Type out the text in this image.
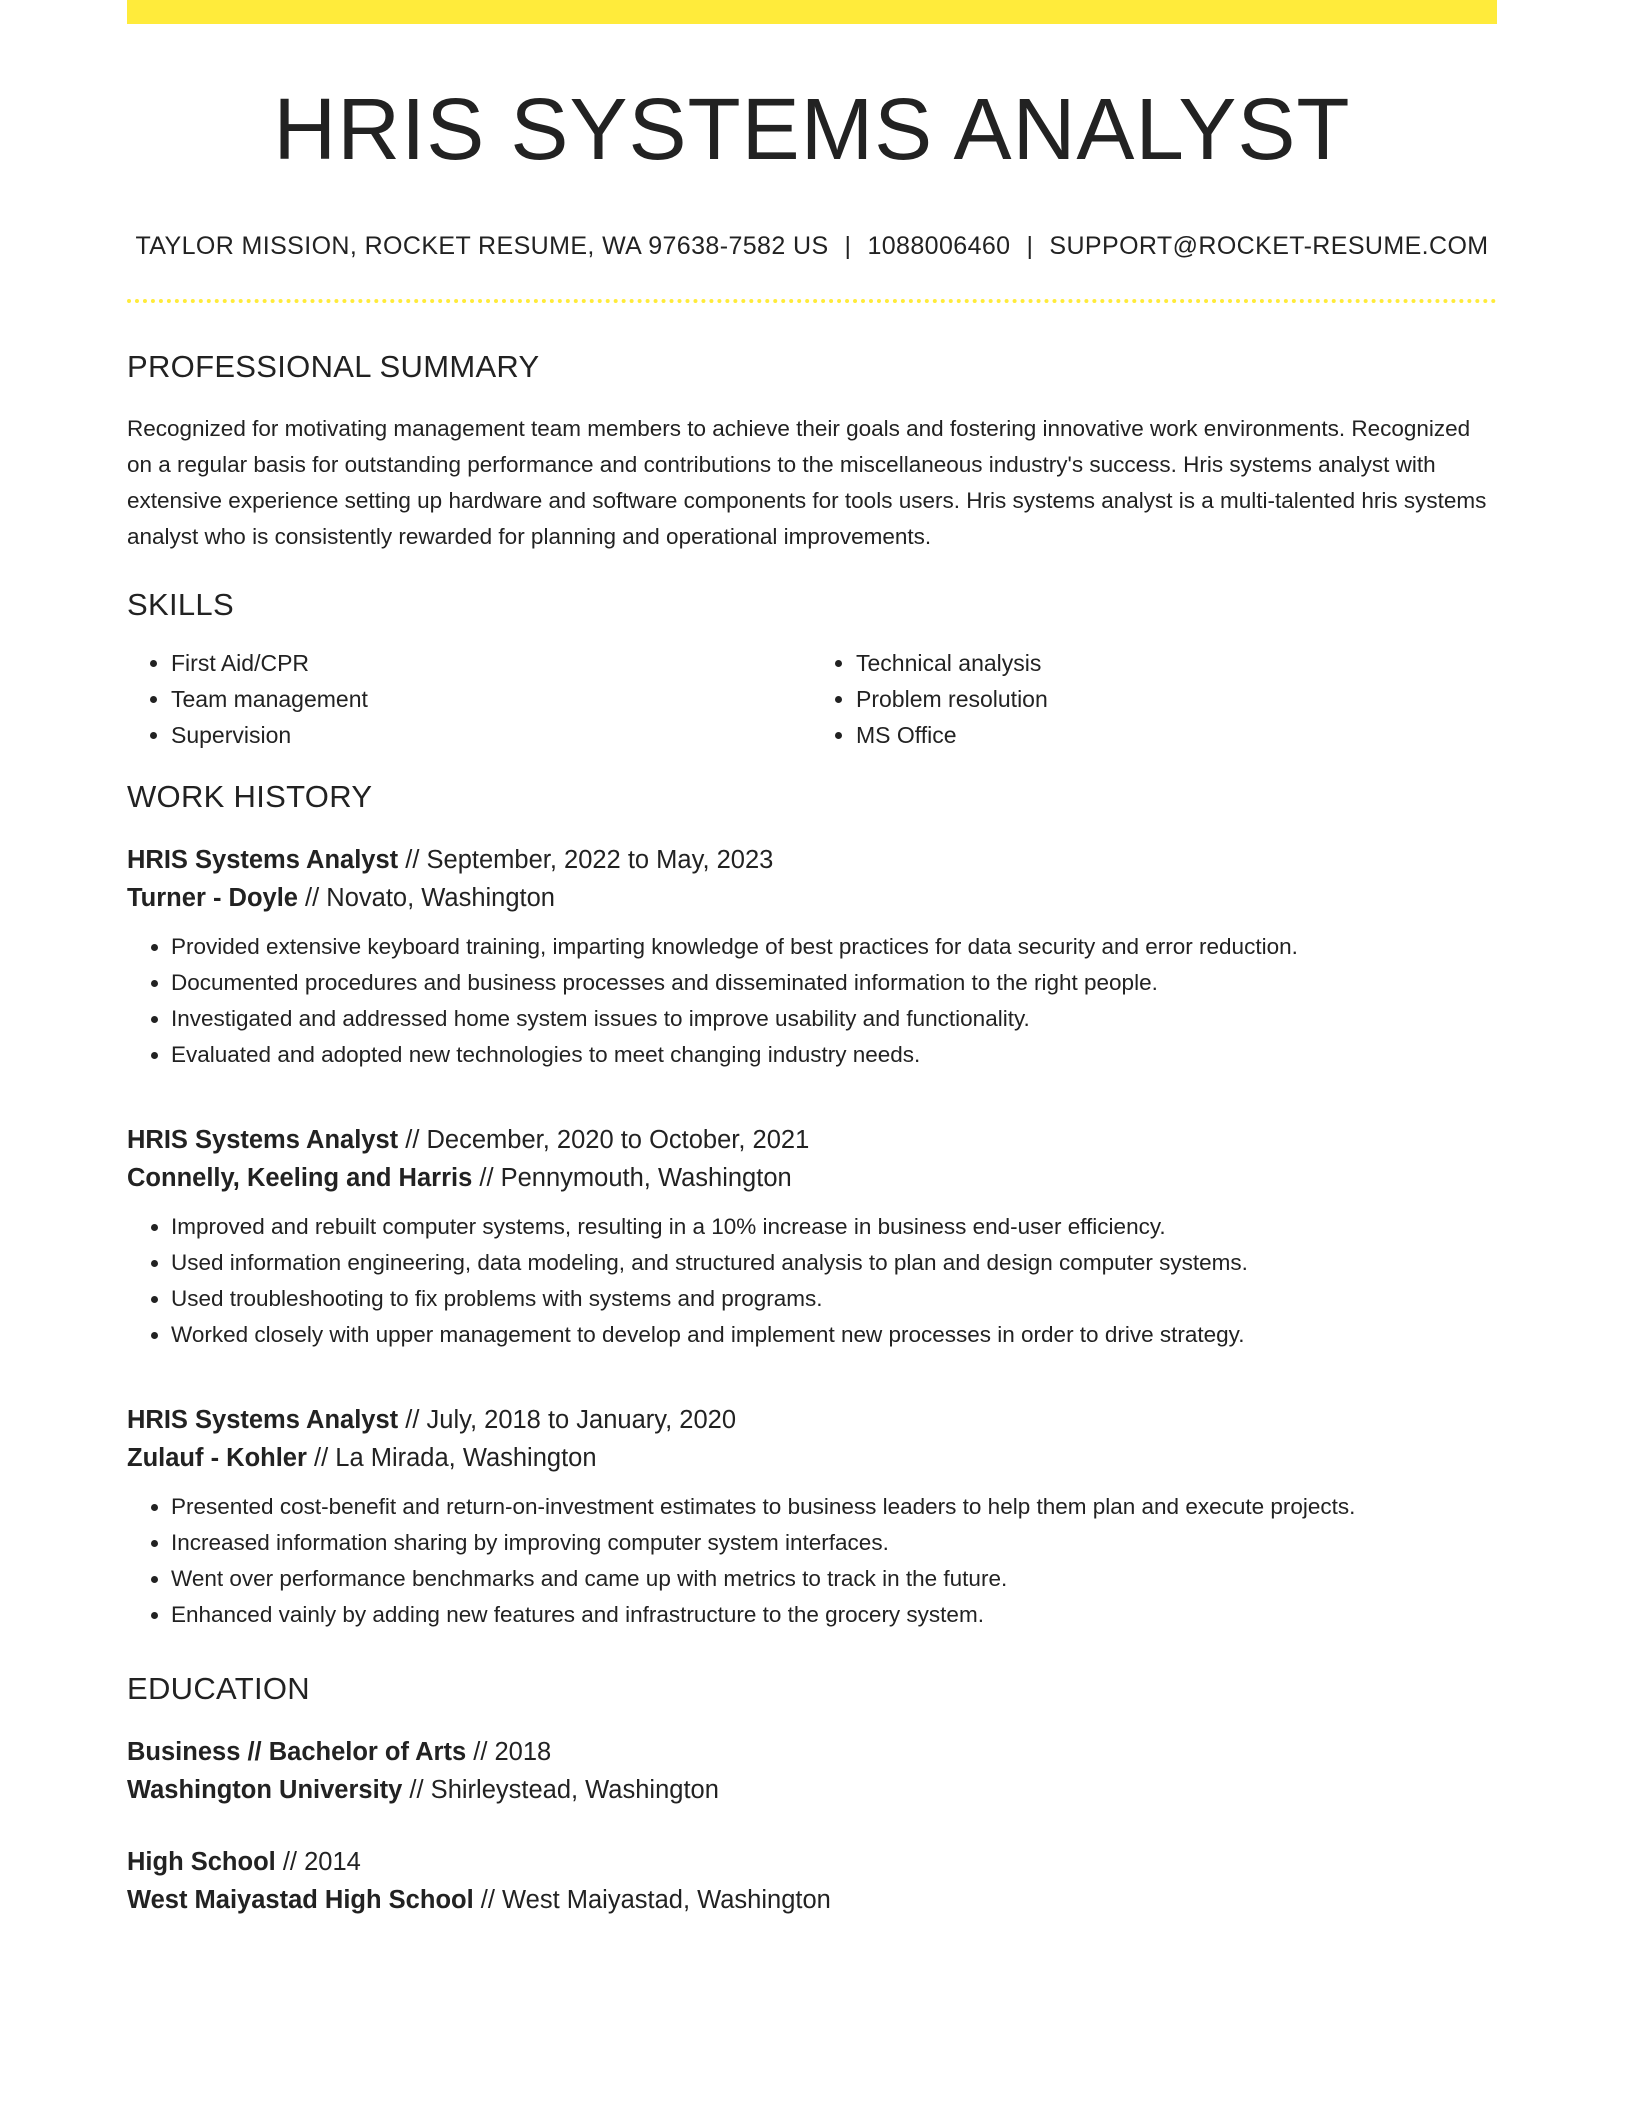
HRIS SYSTEMS ANALYST
TAYLOR MISSION, ROCKET RESUME, WA 97638-7582 US | 1088006460 | SUPPORT@ROCKET-RESUME.COM
PROFESSIONAL SUMMARY
Recognized for motivating management team members to achieve their goals and fostering innovative work environments. Recognized on a regular basis for outstanding performance and contributions to the miscellaneous industry's success. Hris systems analyst with extensive experience setting up hardware and software components for tools users. Hris systems analyst is a multi-talented hris systems analyst who is consistently rewarded for planning and operational improvements.
SKILLS
• First Aid/CPR
• Team management
• Supervision
• Technical analysis
• Problem resolution
• MS Office
WORK HISTORY
HRIS Systems Analyst // September, 2022 to May, 2023
Turner - Doyle // Novato, Washington
• Provided extensive keyboard training, imparting knowledge of best practices for data security and error reduction.
• Documented procedures and business processes and disseminated information to the right people.
• Investigated and addressed home system issues to improve usability and functionality.
• Evaluated and adopted new technologies to meet changing industry needs.
HRIS Systems Analyst // December, 2020 to October, 2021
Connelly, Keeling and Harris // Pennymouth, Washington
• Improved and rebuilt computer systems, resulting in a 10% increase in business end-user efficiency.
• Used information engineering, data modeling, and structured analysis to plan and design computer systems.
• Used troubleshooting to fix problems with systems and programs.
• Worked closely with upper management to develop and implement new processes in order to drive strategy.
HRIS Systems Analyst // July, 2018 to January, 2020
Zulauf - Kohler // La Mirada, Washington
• Presented cost-benefit and return-on-investment estimates to business leaders to help them plan and execute projects.
• Increased information sharing by improving computer system interfaces.
• Went over performance benchmarks and came up with metrics to track in the future.
• Enhanced vainly by adding new features and infrastructure to the grocery system.
EDUCATION
Business // Bachelor of Arts // 2018
Washington University // Shirleystead, Washington
High School // 2014
West Maiyastad High School // West Maiyastad, Washington
